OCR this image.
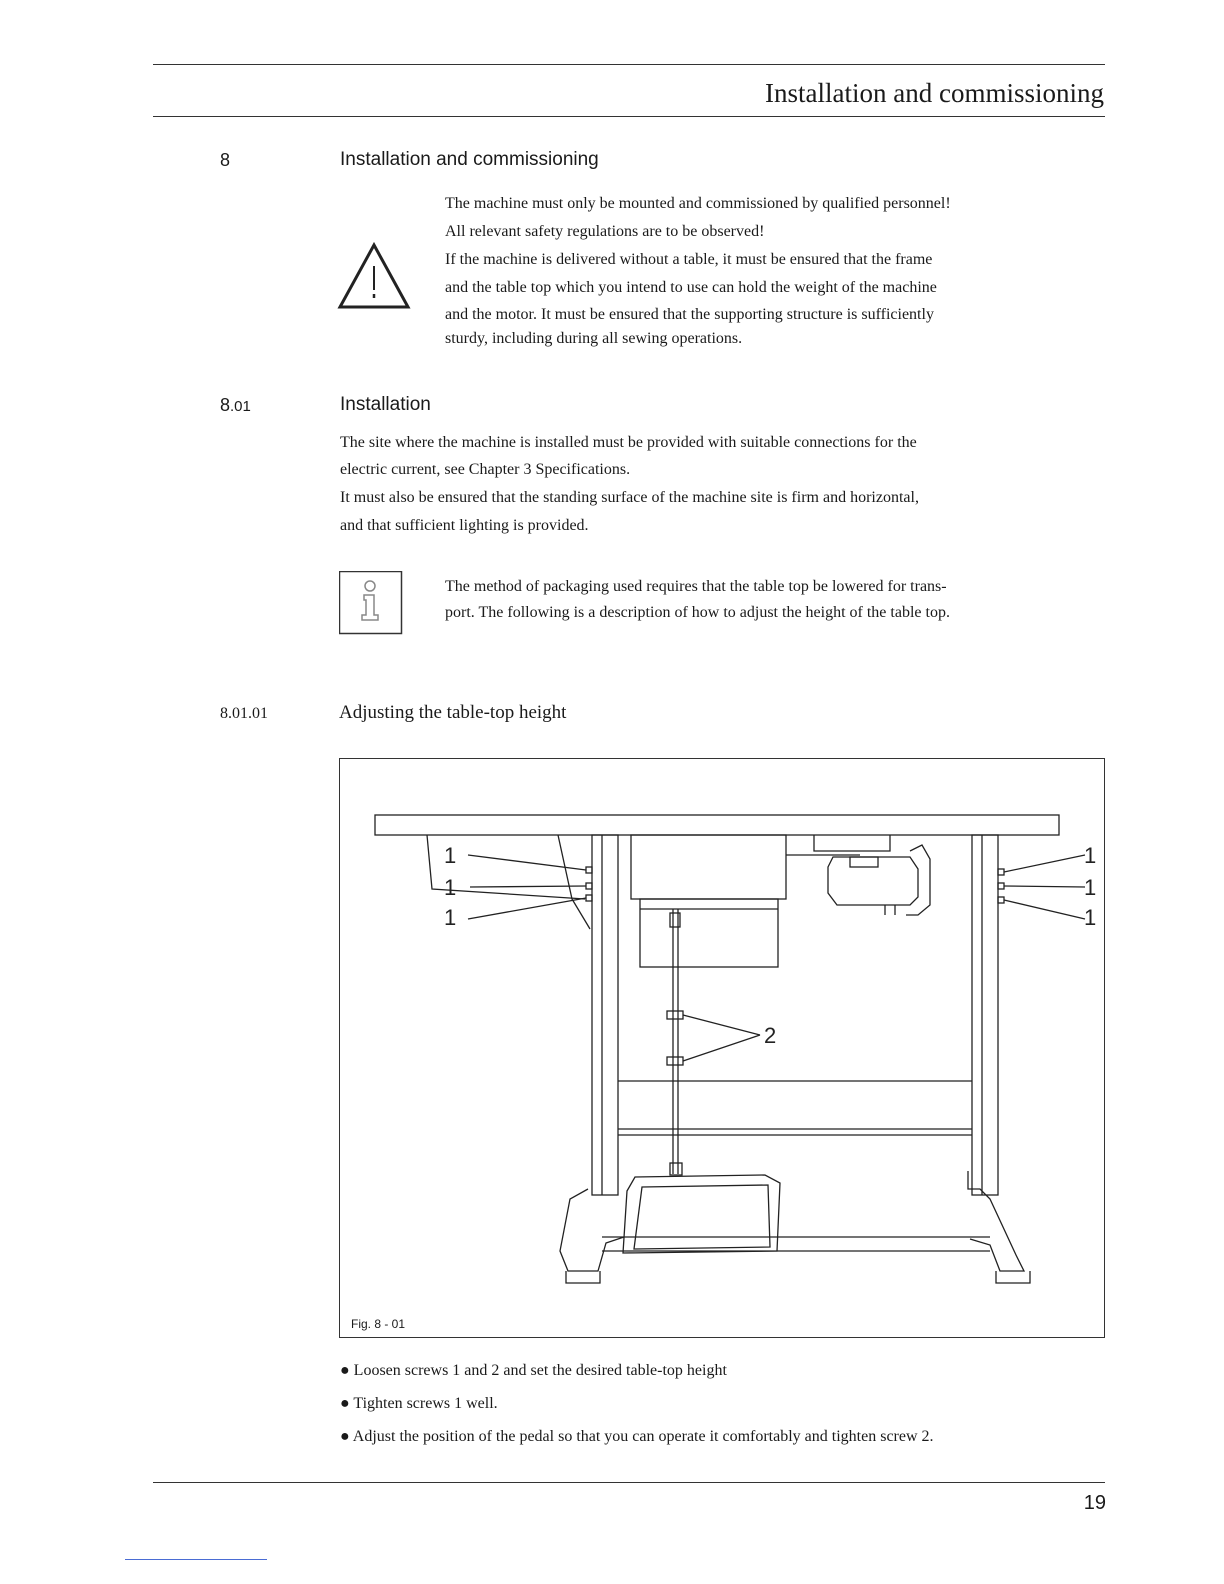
Installation and commissioning
8	Installation and commissioning
The machine must only be mounted and commissioned by qualified personnel!
All relevant safety regulations are to be observed!
If the machine is delivered without a table, it must be ensured that the frame
and the table top which you intend to use can hold the weight of the machine
and the motor. It must be ensured that the supporting structure is sufficiently
sturdy, including during all sewing operations.
8.01	Installation
The site where the machine is installed must be provided with suitable connections for the
electric current, see Chapter 3 Specifications.
It must also be ensured that the standing surface of the machine site is firm and horizontal,
and that sufficient lighting is provided.
The method of packaging used requires that the table top be lowered for trans-
port. The following is a description of how to adjust the height of the table top.
8.01.01	Adjusting the table-top height
1
1
1
1
1
1
2
Fig. 8 - 01
● Loosen screws 1 and 2 and set the desired table-top height
● Tighten screws 1 well.
● Adjust the position of the pedal so that you can operate it comfortably and tighten screw 2.
19
